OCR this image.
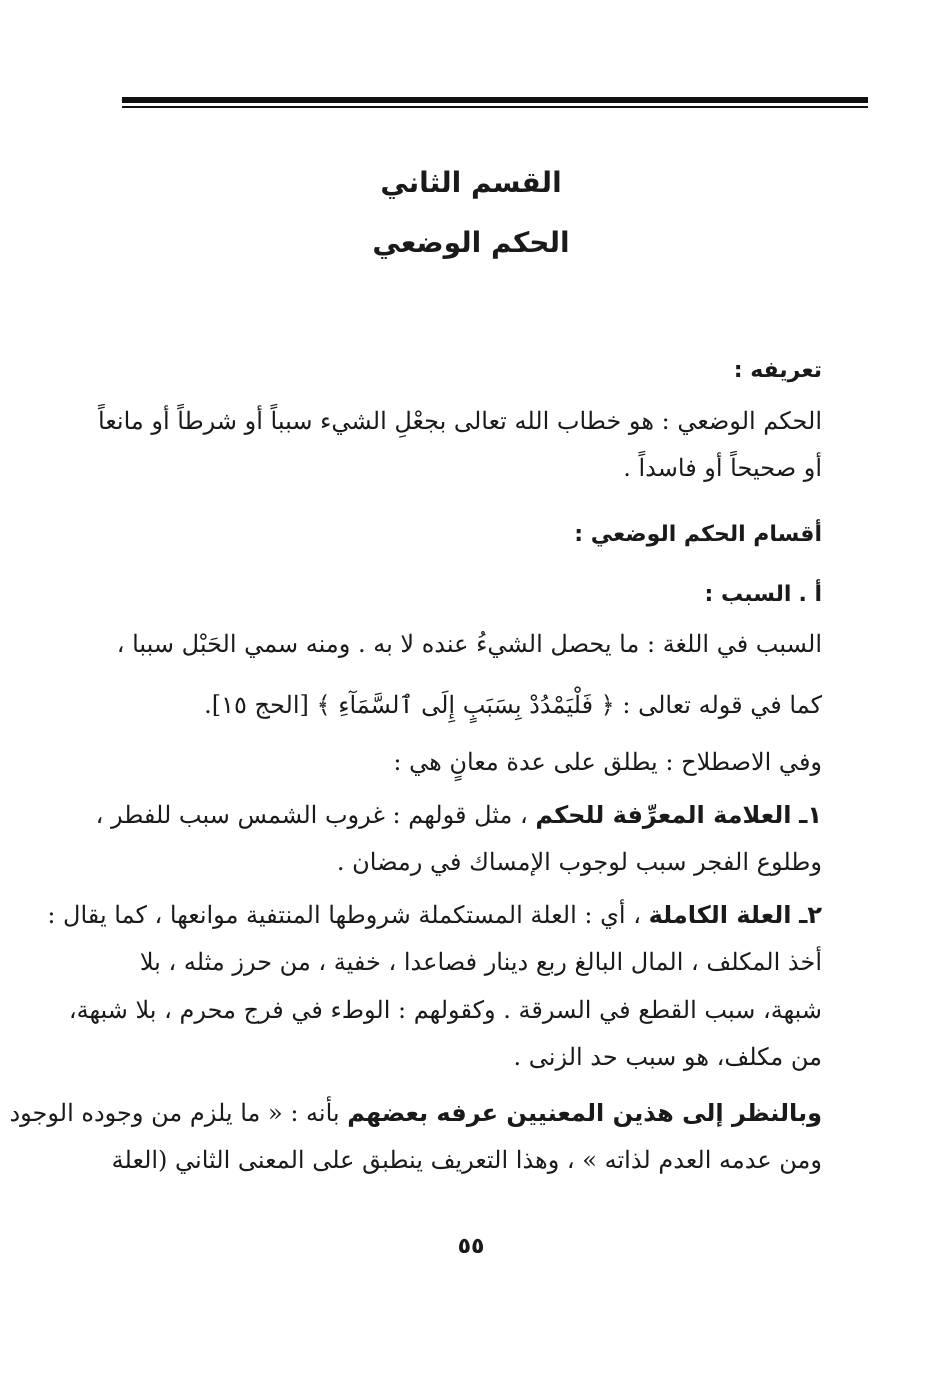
القسم الثاني
الحكم الوضعي
تعريفه :
الحكم الوضعي : هو خطاب الله تعالى بجعْلِ الشيء سبباً أو شرطاً أو مانعاً
أو صحيحاً أو فاسداً .
أقسام الحكم الوضعي :
أ . السبب :
السبب في اللغة : ما يحصل الشيءُ عنده لا به . ومنه سمي الحَبْل سببا ،
كما في قوله تعالى : ﴿ فَلْيَمْدُدْ بِسَبَبٍ إِلَى ٱلسَّمَآءِ ﴾ [الحج ١٥].
وفي الاصطلاح : يطلق على عدة معانٍ هي :
١ـ العلامة المعرِّفة للحكم ، مثل قولهم : غروب الشمس سبب للفطر ،
وطلوع الفجر سبب لوجوب الإمساك في رمضان .
٢ـ العلة الكاملة ، أي : العلة المستكملة شروطها المنتفية موانعها ، كما يقال :
أخذ المكلف ، المال البالغ ربع دينار فصاعدا ، خفية ، من حرز مثله ، بلا
شبهة، سبب القطع في السرقة . وكقولهم : الوطء في فرج محرم ، بلا شبهة،
من مكلف، هو سبب حد الزنى .
وبالنظر إلى هذين المعنيين عرفه بعضهم بأنه : « ما يلزم من وجوده الوجود
ومن عدمه العدم لذاته » ، وهذا التعريف ينطبق على المعنى الثاني (العلة
٥٥
